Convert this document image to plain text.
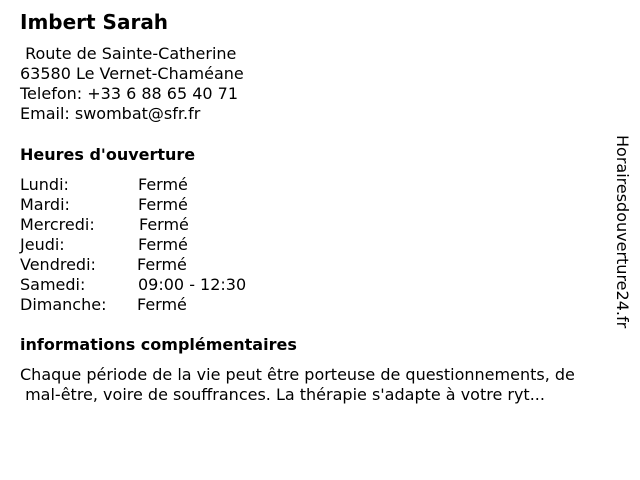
Imbert Sarah
Route de Sainte-Catherine
63580 Le Vernet-Chaméane
Telefon: +33 6 88 65 40 71
Email: swombat@sfr.fr
Heures d'ouverture
Lundi:	Fermé
Mardi:	Fermé
Mercredi:	Fermé
Jeudi:	Fermé
Vendredi:	Fermé
Samedi:	09:00 - 12:30
Dimanche: Fermé
informations complémentaires
Chaque période de la vie peut être porteuse de questionnements, de
mal-être, voire de souffrances. La thérapie s'adapte à votre ryt...
Horairesdouverture24.fr
